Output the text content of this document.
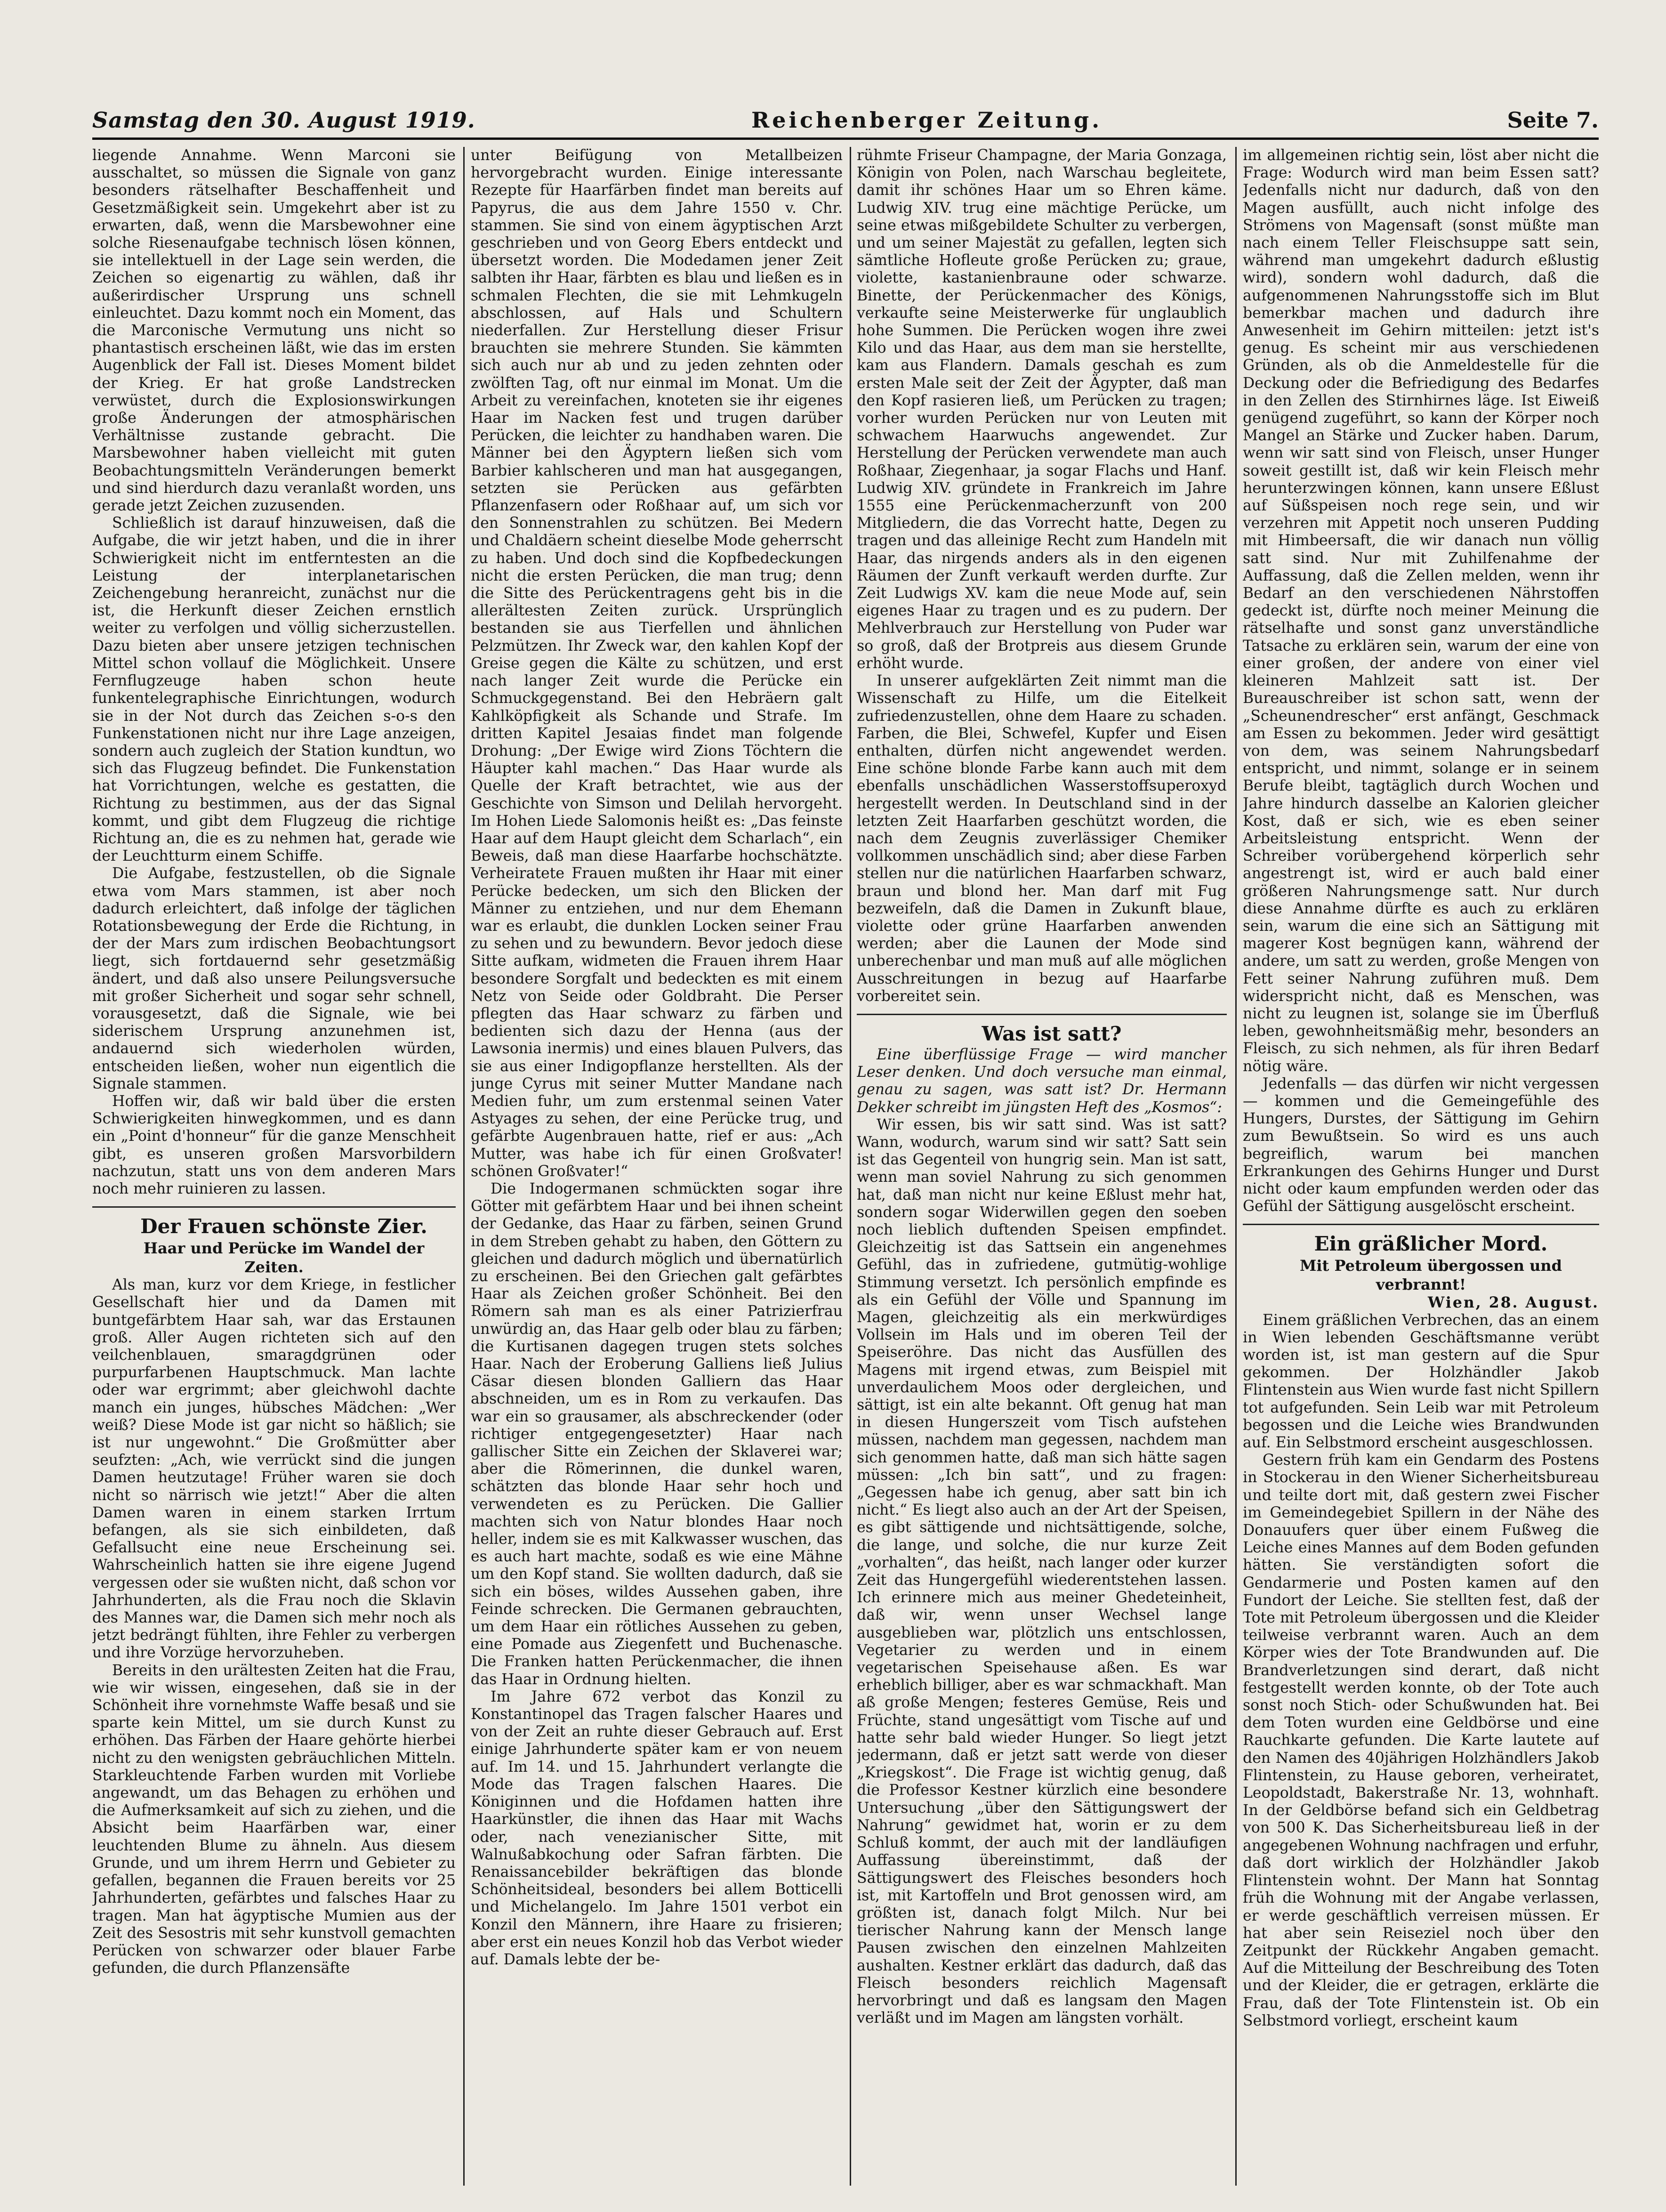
Samstag den 30. August 1919.	Reichenberger Zeitung.	Seite 7.

liegende Annahme. Wenn Marconi sie ausschaltet, so müssen die Signale von ganz besonders rätselhafter Beschaffenheit und Gesetzmäßigkeit sein. Umgekehrt aber ist zu erwarten, daß, wenn die Marsbewohner eine solche Riesenaufgabe technisch lösen können, sie intellektuell in der Lage sein werden, die Zeichen so eigenartig zu wählen, daß ihr außerirdischer Ursprung uns schnell einleuchtet. Dazu kommt noch ein Moment, das die Marconische Vermutung uns nicht so phantastisch erscheinen läßt, wie das im ersten Augenblick der Fall ist. Dieses Moment bildet der Krieg. Er hat große Landstrecken verwüstet, durch die Explosionswirkungen große Änderungen der atmosphärischen Verhältnisse zustande gebracht. Die Marsbewohner haben vielleicht mit guten Beobachtungsmitteln Veränderungen bemerkt und sind hierdurch dazu veranlaßt worden, uns gerade jetzt Zeichen zuzusenden.

Schließlich ist darauf hinzuweisen, daß die Aufgabe, die wir jetzt haben, und die in ihrer Schwierigkeit nicht im entferntesten an die Leistung der interplanetarischen Zeichengebung heranreicht, zunächst nur die ist, die Herkunft dieser Zeichen ernstlich weiter zu verfolgen und völlig sicherzustellen. Dazu bieten aber unsere jetzigen technischen Mittel schon vollauf die Möglichkeit. Unsere Fernflugzeuge haben schon heute funkentelegraphische Einrichtungen, wodurch sie in der Not durch das Zeichen s-o-s den Funkenstationen nicht nur ihre Lage anzeigen, sondern auch zugleich der Station kundtun, wo sich das Flugzeug befindet. Die Funkenstation hat Vorrichtungen, welche es gestatten, die Richtung zu bestimmen, aus der das Signal kommt, und gibt dem Flugzeug die richtige Richtung an, die es zu nehmen hat, gerade wie der Leuchtturm einem Schiffe.

Die Aufgabe, festzustellen, ob die Signale etwa vom Mars stammen, ist aber noch dadurch erleichtert, daß infolge der täglichen Rotationsbewegung der Erde die Richtung, in der der Mars zum irdischen Beobachtungsort liegt, sich fortdauernd sehr gesetzmäßig ändert, und daß also unsere Peilungsversuche mit großer Sicherheit und sogar sehr schnell, vorausgesetzt, daß die Signale, wie bei siderischem Ursprung anzunehmen ist, andauernd sich wiederholen würden, entscheiden ließen, woher nun eigentlich die Signale stammen.

Hoffen wir, daß wir bald über die ersten Schwierigkeiten hinwegkommen, und es dann ein „Point d'honneur“ für die ganze Menschheit gibt, es unseren großen Marsvorbildern nachzutun, statt uns von dem anderen Mars noch mehr ruinieren zu lassen.

Der Frauen schönste Zier.

Haar und Perücke im Wandel der Zeiten.

Als man, kurz vor dem Kriege, in festlicher Gesellschaft hier und da Damen mit buntgefärbtem Haar sah, war das Erstaunen groß. Aller Augen richteten sich auf den veilchenblauen, smaragdgrünen oder purpurfarbenen Hauptschmuck. Man lachte oder war ergrimmt; aber gleichwohl dachte manch ein junges, hübsches Mädchen: „Wer weiß? Diese Mode ist gar nicht so häßlich; sie ist nur ungewohnt.“ Die Großmütter aber seufzten: „Ach, wie verrückt sind die jungen Damen heutzutage! Früher waren sie doch nicht so närrisch wie jetzt!“ Aber die alten Damen waren in einem starken Irrtum befangen, als sie sich einbildeten, daß Gefallsucht eine neue Erscheinung sei. Wahrscheinlich hatten sie ihre eigene Jugend vergessen oder sie wußten nicht, daß schon vor Jahrhunderten, als die Frau noch die Sklavin des Mannes war, die Damen sich mehr noch als jetzt bedrängt fühlten, ihre Fehler zu verbergen und ihre Vorzüge hervorzuheben.

Bereits in den urältesten Zeiten hat die Frau, wie wir wissen, eingesehen, daß sie in der Schönheit ihre vornehmste Waffe besaß und sie sparte kein Mittel, um sie durch Kunst zu erhöhen. Das Färben der Haare gehörte hierbei nicht zu den wenigsten gebräuchlichen Mitteln. Starkleuchtende Farben wurden mit Vorliebe angewandt, um das Behagen zu erhöhen und die Aufmerksamkeit auf sich zu ziehen, und die Absicht beim Haarfärben war, einer leuchtenden Blume zu ähneln. Aus diesem Grunde, und um ihrem Herrn und Gebieter zu gefallen, begannen die Frauen bereits vor 25 Jahrhunderten, gefärbtes und falsches Haar zu tragen. Man hat ägyptische Mumien aus der Zeit des Sesostris mit sehr kunstvoll gemachten Perücken von schwarzer oder blauer Farbe gefunden, die durch Pflanzensäfte

unter Beifügung von Metallbeizen hervorgebracht wurden. Einige interessante Rezepte für Haarfärben findet man bereits auf Papyrus, die aus dem Jahre 1550 v. Chr. stammen. Sie sind von einem ägyptischen Arzt geschrieben und von Georg Ebers entdeckt und übersetzt worden. Die Modedamen jener Zeit salbten ihr Haar, färbten es blau und ließen es in schmalen Flechten, die sie mit Lehmkugeln abschlossen, auf Hals und Schultern niederfallen. Zur Herstellung dieser Frisur brauchten sie mehrere Stunden. Sie kämmten sich auch nur ab und zu jeden zehnten oder zwölften Tag, oft nur einmal im Monat. Um die Arbeit zu vereinfachen, knoteten sie ihr eigenes Haar im Nacken fest und trugen darüber Perücken, die leichter zu handhaben waren. Die Männer bei den Ägyptern ließen sich vom Barbier kahlscheren und man hat ausgegangen, setzten sie Perücken aus gefärbten Pflanzenfasern oder Roßhaar auf, um sich vor den Sonnenstrahlen zu schützen. Bei Medern und Chaldäern scheint dieselbe Mode geherrscht zu haben. Und doch sind die Kopfbedeckungen nicht die ersten Perücken, die man trug; denn die Sitte des Perückentragens geht bis in die allerältesten Zeiten zurück. Ursprünglich bestanden sie aus Tierfellen und ähnlichen Pelzmützen. Ihr Zweck war, den kahlen Kopf der Greise gegen die Kälte zu schützen, und erst nach langer Zeit wurde die Perücke ein Schmuckgegenstand. Bei den Hebräern galt Kahlköpfigkeit als Schande und Strafe. Im dritten Kapitel Jesaias findet man folgende Drohung: „Der Ewige wird Zions Töchtern die Häupter kahl machen.“ Das Haar wurde als Quelle der Kraft betrachtet, wie aus der Geschichte von Simson und Delilah hervorgeht. Im Hohen Liede Salomonis heißt es: „Das feinste Haar auf dem Haupt gleicht dem Scharlach“, ein Beweis, daß man diese Haarfarbe hochschätzte. Verheiratete Frauen mußten ihr Haar mit einer Perücke bedecken, um sich den Blicken der Männer zu entziehen, und nur dem Ehemann war es erlaubt, die dunklen Locken seiner Frau zu sehen und zu bewundern. Bevor jedoch diese Sitte aufkam, widmeten die Frauen ihrem Haar besondere Sorgfalt und bedeckten es mit einem Netz von Seide oder Goldbraht. Die Perser pflegten das Haar schwarz zu färben und bedienten sich dazu der Henna (aus der Lawsonia inermis) und eines blauen Pulvers, das sie aus einer Indigopflanze herstellten. Als der junge Cyrus mit seiner Mutter Mandane nach Medien fuhr, um zum erstenmal seinen Vater Astyages zu sehen, der eine Perücke trug, und gefärbte Augenbrauen hatte, rief er aus: „Ach Mutter, was habe ich für einen Großvater! schönen Großvater!“

Die Indogermanen schmückten sogar ihre Götter mit gefärbtem Haar und bei ihnen scheint der Gedanke, das Haar zu färben, seinen Grund in dem Streben gehabt zu haben, den Göttern zu gleichen und dadurch möglich und übernatürlich zu erscheinen. Bei den Griechen galt gefärbtes Haar als Zeichen großer Schönheit. Bei den Römern sah man es als einer Patrizierfrau unwürdig an, das Haar gelb oder blau zu färben; die Kurtisanen dagegen trugen stets solches Haar. Nach der Eroberung Galliens ließ Julius Cäsar diesen blonden Galliern das Haar abschneiden, um es in Rom zu verkaufen. Das war ein so grausamer, als abschreckender (oder richtiger entgegengesetzter) Haar nach gallischer Sitte ein Zeichen der Sklaverei war; aber die Römerinnen, die dunkel waren, schätzten das blonde Haar sehr hoch und verwendeten es zu Perücken. Die Gallier machten sich von Natur blondes Haar noch heller, indem sie es mit Kalkwasser wuschen, das es auch hart machte, sodaß es wie eine Mähne um den Kopf stand. Sie wollten dadurch, daß sie sich ein böses, wildes Aussehen gaben, ihre Feinde schrecken. Die Germanen gebrauchten, um dem Haar ein rötliches Aussehen zu geben, eine Pomade aus Ziegenfett und Buchenasche. Die Franken hatten Perückenmacher, die ihnen das Haar in Ordnung hielten.

Im Jahre 672 verbot das Konzil zu Konstantinopel das Tragen falscher Haares und von der Zeit an ruhte dieser Gebrauch auf. Erst einige Jahrhunderte später kam er von neuem auf. Im 14. und 15. Jahrhundert verlangte die Mode das Tragen falschen Haares. Die Königinnen und die Hofdamen hatten ihre Haarkünstler, die ihnen das Haar mit Wachs oder, nach venezianischer Sitte, mit Walnußabkochung oder Safran färbten. Die Renaissancebilder bekräftigen das blonde Schönheitsideal, besonders bei allem Botticelli und Michelangelo. Im Jahre 1501 verbot ein Konzil den Männern, ihre Haare zu frisieren; aber erst ein neues Konzil hob das Verbot wieder auf. Damals lebte der be-

rühmte Friseur Champagne, der Maria Gonzaga, Königin von Polen, nach Warschau begleitete, damit ihr schönes Haar um so Ehren käme. Ludwig XIV. trug eine mächtige Perücke, um seine etwas mißgebildete Schulter zu verbergen, und um seiner Majestät zu gefallen, legten sich sämtliche Hofleute große Perücken zu; graue, violette, kastanienbraune oder schwarze. Binette, der Perückenmacher des Königs, verkaufte seine Meisterwerke für unglaublich hohe Summen. Die Perücken wogen ihre zwei Kilo und das Haar, aus dem man sie herstellte, kam aus Flandern. Damals geschah es zum ersten Male seit der Zeit der Ägypter, daß man den Kopf rasieren ließ, um Perücken zu tragen; vorher wurden Perücken nur von Leuten mit schwachem Haarwuchs angewendet. Zur Herstellung der Perücken verwendete man auch Roßhaar, Ziegenhaar, ja sogar Flachs und Hanf. Ludwig XIV. gründete in Frankreich im Jahre 1555 eine Perückenmacherzunft von 200 Mitgliedern, die das Vorrecht hatte, Degen zu tragen und das alleinige Recht zum Handeln mit Haar, das nirgends anders als in den eigenen Räumen der Zunft verkauft werden durfte. Zur Zeit Ludwigs XV. kam die neue Mode auf, sein eigenes Haar zu tragen und es zu pudern. Der Mehlverbrauch zur Herstellung von Puder war so groß, daß der Brotpreis aus diesem Grunde erhöht wurde.

In unserer aufgeklärten Zeit nimmt man die Wissenschaft zu Hilfe, um die Eitelkeit zufriedenzustellen, ohne dem Haare zu schaden. Farben, die Blei, Schwefel, Kupfer und Eisen enthalten, dürfen nicht angewendet werden. Eine schöne blonde Farbe kann auch mit dem ebenfalls unschädlichen Wasserstoffsuperoxyd hergestellt werden. In Deutschland sind in der letzten Zeit Haarfarben geschützt worden, die nach dem Zeugnis zuverlässiger Chemiker vollkommen unschädlich sind; aber diese Farben stellen nur die natürlichen Haarfarben schwarz, braun und blond her. Man darf mit Fug bezweifeln, daß die Damen in Zukunft blaue, violette oder grüne Haarfarben anwenden werden; aber die Launen der Mode sind unberechenbar und man muß auf alle möglichen Ausschreitungen in bezug auf Haarfarbe vorbereitet sein.

Was ist satt?

Eine überflüssige Frage — wird mancher Leser denken. Und doch versuche man einmal, genau zu sagen, was satt ist? Dr. Hermann Dekker schreibt im jüngsten Heft des „Kosmos“:

Wir essen, bis wir satt sind. Was ist satt? Wann, wodurch, warum sind wir satt? Satt sein ist das Gegenteil von hungrig sein. Man ist satt, wenn man soviel Nahrung zu sich genommen hat, daß man nicht nur keine Eßlust mehr hat, sondern sogar Widerwillen gegen den soeben noch lieblich duftenden Speisen empfindet. Gleichzeitig ist das Sattsein ein angenehmes Gefühl, das in zufriedene, gutmütig-wohlige Stimmung versetzt. Ich persönlich empfinde es als ein Gefühl der Völle und Spannung im Magen, gleichzeitig als ein merkwürdiges Vollsein im Hals und im oberen Teil der Speiseröhre. Das nicht das Ausfüllen des Magens mit irgend etwas, zum Beispiel mit unverdaulichem Moos oder dergleichen, und sättigt, ist ein alte bekannt. Oft genug hat man in diesen Hungerszeit vom Tisch aufstehen müssen, nachdem man gegessen, nachdem man sich genommen hatte, daß man sich hätte sagen müssen: „Ich bin satt“, und zu fragen: „Gegessen habe ich genug, aber satt bin ich nicht.“ Es liegt also auch an der Art der Speisen, es gibt sättigende und nichtsättigende, solche, die lange, und solche, die nur kurze Zeit „vorhalten“, das heißt, nach langer oder kurzer Zeit das Hungergefühl wiederentstehen lassen. Ich erinnere mich aus meiner Ghedeteinheit, daß wir, wenn unser Wechsel lange ausgeblieben war, plötzlich uns entschlossen, Vegetarier zu werden und in einem vegetarischen Speisehause aßen. Es war erheblich billiger, aber es war schmackhaft. Man aß große Mengen; festeres Gemüse, Reis und Früchte, stand ungesättigt vom Tische auf und hatte sehr bald wieder Hunger. So liegt jetzt jedermann, daß er jetzt satt werde von dieser „Kriegskost“. Die Frage ist wichtig genug, daß die Professor Kestner kürzlich eine besondere Untersuchung „über den Sättigungswert der Nahrung“ gewidmet hat, worin er zu dem Schluß kommt, der auch mit der landläufigen Auffassung übereinstimmt, daß der Sättigungswert des Fleisches besonders hoch ist, mit Kartoffeln und Brot genossen wird, am größten ist, danach folgt Milch. Nur bei tierischer Nahrung kann der Mensch lange Pausen zwischen den einzelnen Mahlzeiten aushalten. Kestner erklärt das dadurch, daß das Fleisch besonders reichlich Magensaft hervorbringt und daß es langsam den Magen verläßt und im Magen am längsten vorhält.

im allgemeinen richtig sein, löst aber nicht die Frage: Wodurch wird man beim Essen satt? Jedenfalls nicht nur dadurch, daß von den Magen ausfüllt, auch nicht infolge des Strömens von Magensaft (sonst müßte man nach einem Teller Fleischsuppe satt sein, während man umgekehrt dadurch eßlustig wird), sondern wohl dadurch, daß die aufgenommenen Nahrungsstoffe sich im Blut bemerkbar machen und dadurch ihre Anwesenheit im Gehirn mitteilen: jetzt ist's genug. Es scheint mir aus verschiedenen Gründen, als ob die Anmeldestelle für die Deckung oder die Befriedigung des Bedarfes in den Zellen des Stirnhirnes läge. Ist Eiweiß genügend zugeführt, so kann der Körper noch Mangel an Stärke und Zucker haben. Darum, wenn wir satt sind von Fleisch, unser Hunger soweit gestillt ist, daß wir kein Fleisch mehr herunterzwingen können, kann unsere Eßlust auf Süßspeisen noch rege sein, und wir verzehren mit Appetit noch unseren Pudding mit Himbeersaft, die wir danach nun völlig satt sind. Nur mit Zuhilfenahme der Auffassung, daß die Zellen melden, wenn ihr Bedarf an den verschiedenen Nährstoffen gedeckt ist, dürfte noch meiner Meinung die rätselhafte und sonst ganz unverständliche Tatsache zu erklären sein, warum der eine von einer großen, der andere von einer viel kleineren Mahlzeit satt ist. Der Bureauschreiber ist schon satt, wenn der „Scheunendrescher“ erst anfängt, Geschmack am Essen zu bekommen. Jeder wird gesättigt von dem, was seinem Nahrungsbedarf entspricht, und nimmt, solange er in seinem Berufe bleibt, tagtäglich durch Wochen und Jahre hindurch dasselbe an Kalorien gleicher Kost, daß er sich, wie es eben seiner Arbeitsleistung entspricht. Wenn der Schreiber vorübergehend körperlich sehr angestrengt ist, wird er auch bald einer größeren Nahrungsmenge satt. Nur durch diese Annahme dürfte es auch zu erklären sein, warum die eine sich an Sättigung mit magerer Kost begnügen kann, während der andere, um satt zu werden, große Mengen von Fett seiner Nahrung zuführen muß. Dem widerspricht nicht, daß es Menschen, was nicht zu leugnen ist, solange sie im Überfluß leben, gewohnheitsmäßig mehr, besonders an Fleisch, zu sich nehmen, als für ihren Bedarf nötig wäre.

Jedenfalls — das dürfen wir nicht vergessen — kommen und die Gemeingefühle des Hungers, Durstes, der Sättigung im Gehirn zum Bewußtsein. So wird es uns auch begreiflich, warum bei manchen Erkrankungen des Gehirns Hunger und Durst nicht oder kaum empfunden werden oder das Gefühl der Sättigung ausgelöscht erscheint.

Ein gräßlicher Mord.

Mit Petroleum übergossen und verbrannt!

Wien, 28. August.

Einem gräßlichen Verbrechen, das an einem in Wien lebenden Geschäftsmanne verübt worden ist, ist man gestern auf die Spur gekommen. Der Holzhändler Jakob Flintenstein aus Wien wurde fast nicht Spillern tot aufgefunden. Sein Leib war mit Petroleum begossen und die Leiche wies Brandwunden auf. Ein Selbstmord erscheint ausgeschlossen.

Gestern früh kam ein Gendarm des Postens in Stockerau in den Wiener Sicherheitsbureau und teilte dort mit, daß gestern zwei Fischer im Gemeindegebiet Spillern in der Nähe des Donauufers quer über einem Fußweg die Leiche eines Mannes auf dem Boden gefunden hätten. Sie verständigten sofort die Gendarmerie und Posten kamen auf den Fundort der Leiche. Sie stellten fest, daß der Tote mit Petroleum übergossen und die Kleider teilweise verbrannt waren. Auch an dem Körper wies der Tote Brandwunden auf. Die Brandverletzungen sind derart, daß nicht festgestellt werden konnte, ob der Tote auch sonst noch Stich- oder Schußwunden hat. Bei dem Toten wurden eine Geldbörse und eine Rauchkarte gefunden. Die Karte lautete auf den Namen des 40jährigen Holzhändlers Jakob Flintenstein, zu Hause geboren, verheiratet, Leopoldstadt, Bakerstraße Nr. 13, wohnhaft. In der Geldbörse befand sich ein Geldbetrag von 500 K. Das Sicherheitsbureau ließ in der angegebenen Wohnung nachfragen und erfuhr, daß dort wirklich der Holzhändler Jakob Flintenstein wohnt. Der Mann hat Sonntag früh die Wohnung mit der Angabe verlassen, er werde geschäftlich verreisen müssen. Er hat aber sein Reiseziel noch über den Zeitpunkt der Rückkehr Angaben gemacht. Auf die Mitteilung der Beschreibung des Toten und der Kleider, die er getragen, erklärte die Frau, daß der Tote Flintenstein ist. Ob ein Selbstmord vorliegt, erscheint kaum
